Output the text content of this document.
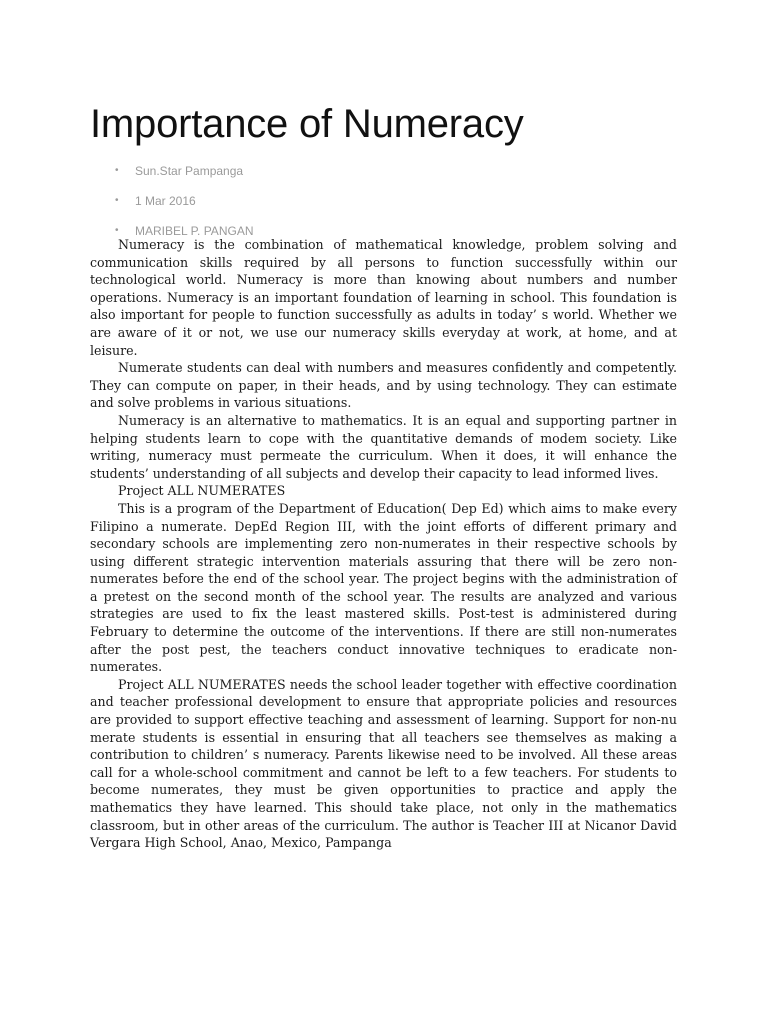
Importance of Numeracy
• Sun.Star Pampanga
• 1 Mar 2016
• MARIBEL P. PANGAN

Numeracy is the combination of mathematical knowledge, problem solving and communication skills required by all persons to function successfully within our technological world. Numeracy is more than knowing about numbers and number operations. Numeracy is an important foundation of learning in school. This foundation is also important for people to function successfully as adults in today’ s world. Whether we are aware of it or not, we use our numeracy skills everyday at work, at home, and at leisure.

Numerate students can deal with numbers and measures confidently and competently. They can compute on paper, in their heads, and by using technology. They can estimate and solve problems in various situations.

Numeracy is an alternative to mathematics. It is an equal and supporting partner in helping students learn to cope with the quantitative demands of modem society. Like writing, numeracy must permeate the curriculum. When it does, it will enhance the students’ understanding of all subjects and develop their capacity to lead informed lives.

Project ALL NUMERATES

This is a program of the Department of Education( Dep Ed) which aims to make every Filipino a numerate. DepEd Region III, with the joint efforts of different primary and secondary schools are implementing zero non-numerates in their respective schools by using different strategic intervention materials assuring that there will be zero non-numerates before the end of the school year. The project begins with the administration of a pretest on the second month of the school year. The results are analyzed and various strategies are used to fix the least mastered skills. Post-test is administered during February to determine the outcome of the interventions. If there are still non-numerates after the post pest, the teachers conduct innovative techniques to eradicate non-numerates.

Project ALL NUMERATES needs the school leader together with effective coordination and teacher professional development to ensure that appropriate policies and resources are provided to support effective teaching and assessment of learning. Support for non-nu merate students is essential in ensuring that all teachers see themselves as making a contribution to children’ s numeracy. Parents likewise need to be involved. All these areas call for a whole-school commitment and cannot be left to a few teachers. For students to become numerates, they must be given opportunities to practice and apply the mathematics they have learned. This should take place, not only in the mathematics classroom, but in other areas of the curriculum. The author is Teacher III at Nicanor David Vergara High School, Anao, Mexico, Pampanga
